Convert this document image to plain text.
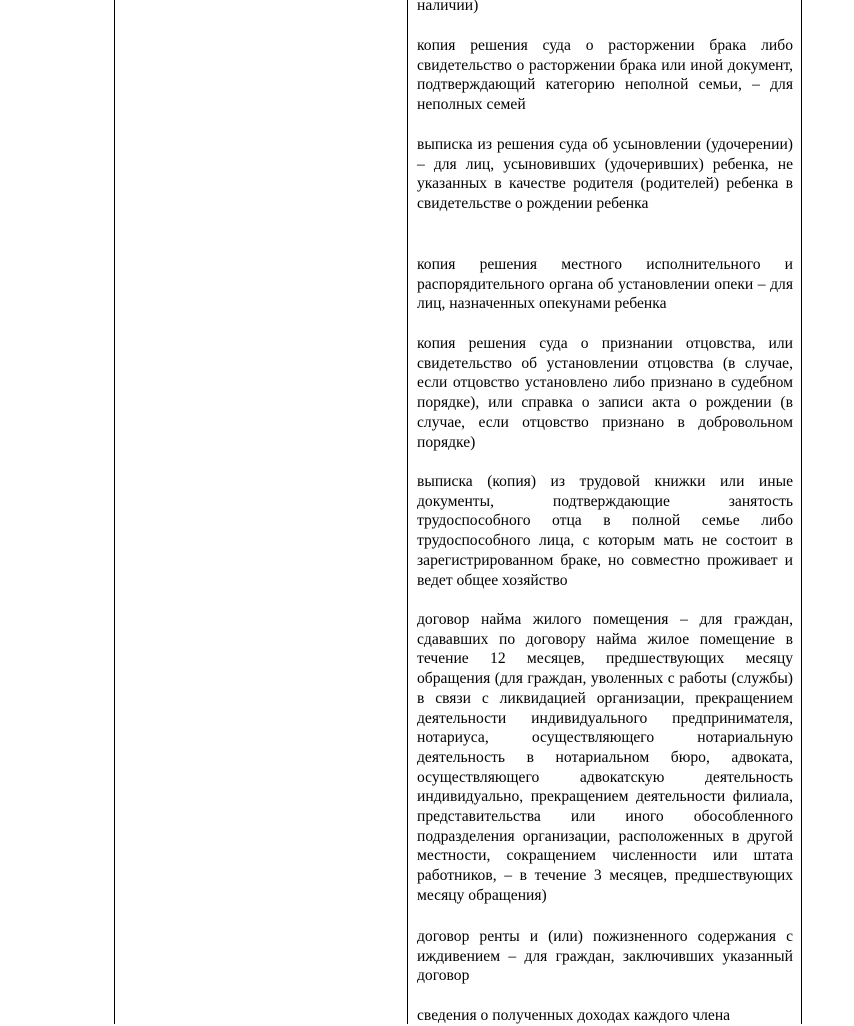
наличии)

копия решения суда о расторжении брака либо свидетельство о расторжении брака или иной документ, подтверждающий категорию неполной семьи, – для неполных семей

выписка из решения суда об усыновлении (удочерении) – для лиц, усыновивших (удочеривших) ребенка, не указанных в качестве родителя (родителей) ребенка в свидетельстве о рождении ребенка

копия решения местного исполнительного и распорядительного органа об установлении опеки – для лиц, назначенных опекунами ребенка

копия решения суда о признании отцовства, или свидетельство об установлении отцовства (в случае, если отцовство установлено либо признано в судебном порядке), или справка о записи акта о рождении (в случае, если отцовство признано в добровольном порядке)

выписка (копия) из трудовой книжки или иные документы, подтверждающие занятость трудоспособного отца в полной семье либо трудоспособного лица, с которым мать не состоит в зарегистрированном браке, но совместно проживает и ведет общее хозяйство

договор найма жилого помещения – для граждан, сдававших по договору найма жилое помещение в течение 12 месяцев, предшествующих месяцу обращения (для граждан, уволенных с работы (службы) в связи с ликвидацией организации, прекращением деятельности индивидуального предпринимателя, нотариуса, осуществляющего нотариальную деятельность в нотариальном бюро, адвоката, осуществляющего адвокатскую деятельность индивидуально, прекращением деятельности филиала, представительства или иного обособленного подразделения организации, расположенных в другой местности, сокращением численности или штата работников, – в течение 3 месяцев, предшествующих месяцу обращения)

договор ренты и (или) пожизненного содержания с иждивением – для граждан, заключивших указанный договор

сведения о полученных доходах каждого члена
